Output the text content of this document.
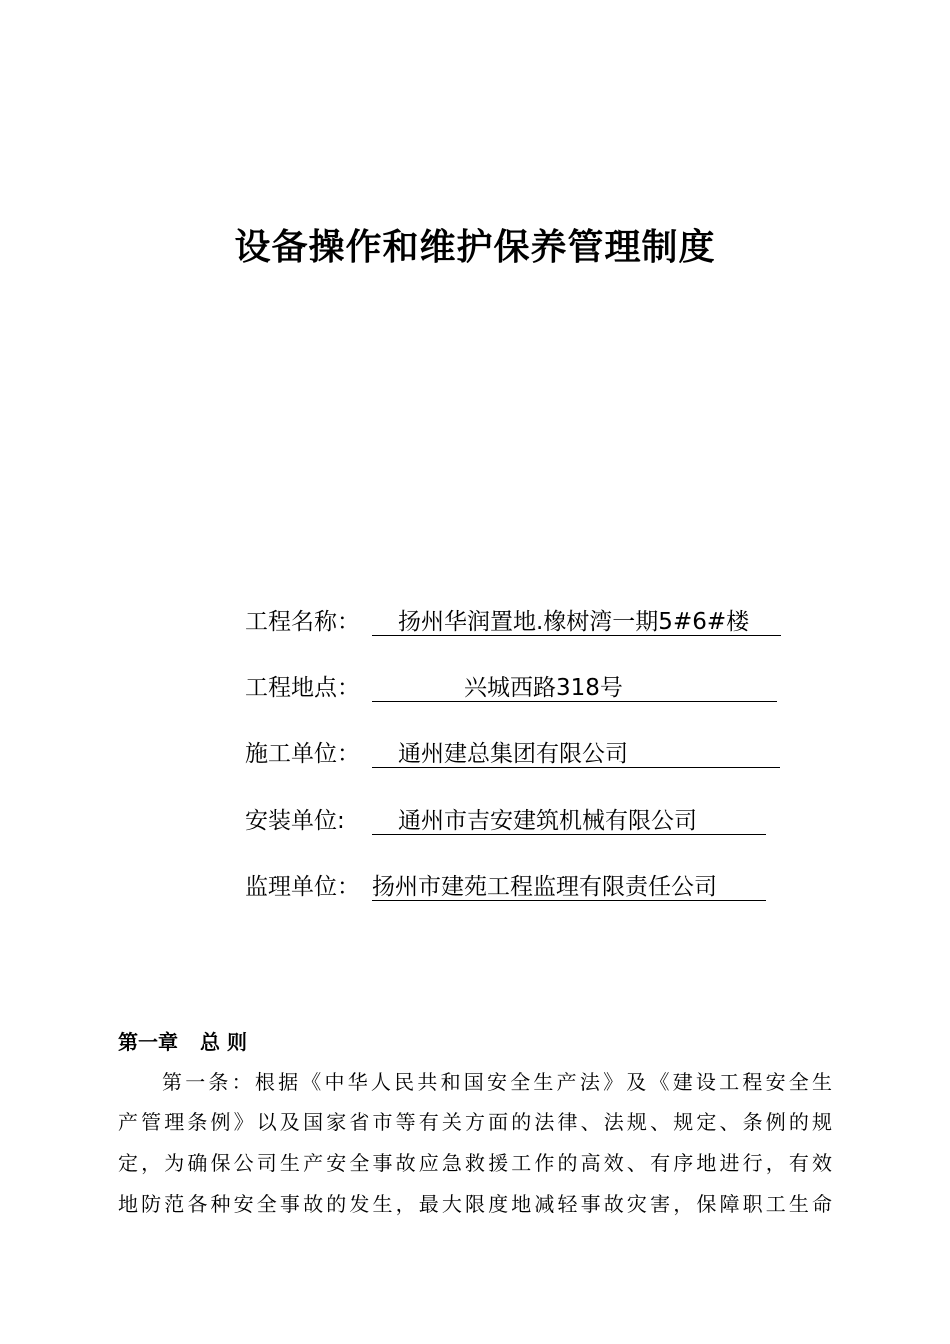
设备操作和维护保养管理制度
工程名称：	扬州华润置地.橡树湾一期5#6#楼
工程地点：	兴城西路318号
施工单位：	通州建总集团有限公司
安装单位:	通州市吉安建筑机械有限公司
监理单位： 扬州市建苑工程监理有限责任公司
第一章 总 则
第一条：根据《中华人民共和国安全生产法》及《建设工程安全生
产管理条例》以及国家省市等有关方面的法律、法规、规定、条例的规
定，为确保公司生产安全事故应急救援工作的高效、有序地进行，有效
地防范各种安全事故的发生，最大限度地减轻事故灾害，保障职工生命
